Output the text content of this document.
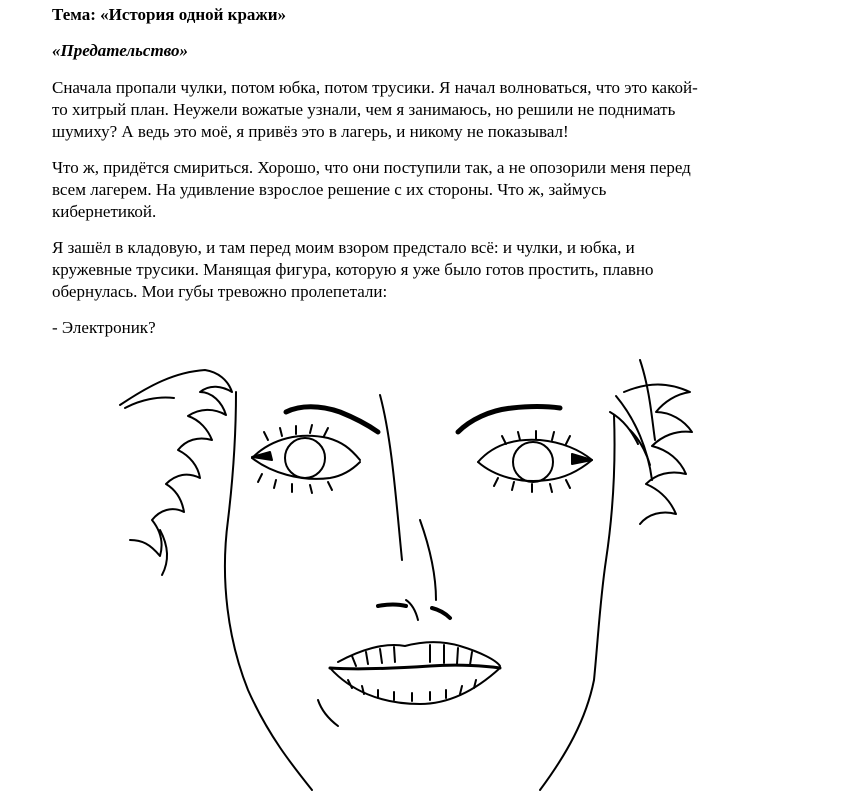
Тема: «История одной кражи»

«Предательство»

Сначала пропали чулки, потом юбка, потом трусики. Я начал волноваться, что это какой-
то хитрый план. Неужели вожатые узнали, чем я занимаюсь, но решили не поднимать
шумиху? А ведь это моё, я привёз это в лагерь, и никому не показывал!

Что ж, придётся смириться. Хорошо, что они поступили так, а не опозорили меня перед
всем лагерем. На удивление взрослое решение с их стороны. Что ж, займусь
кибернетикой.

Я зашёл в кладовую, и там перед моим взором предстало всё: и чулки, и юбка, и
кружевные трусики. Манящая фигура, которую я уже было готов простить, плавно
обернулась. Мои губы тревожно пролепетали:

- Электроник?
